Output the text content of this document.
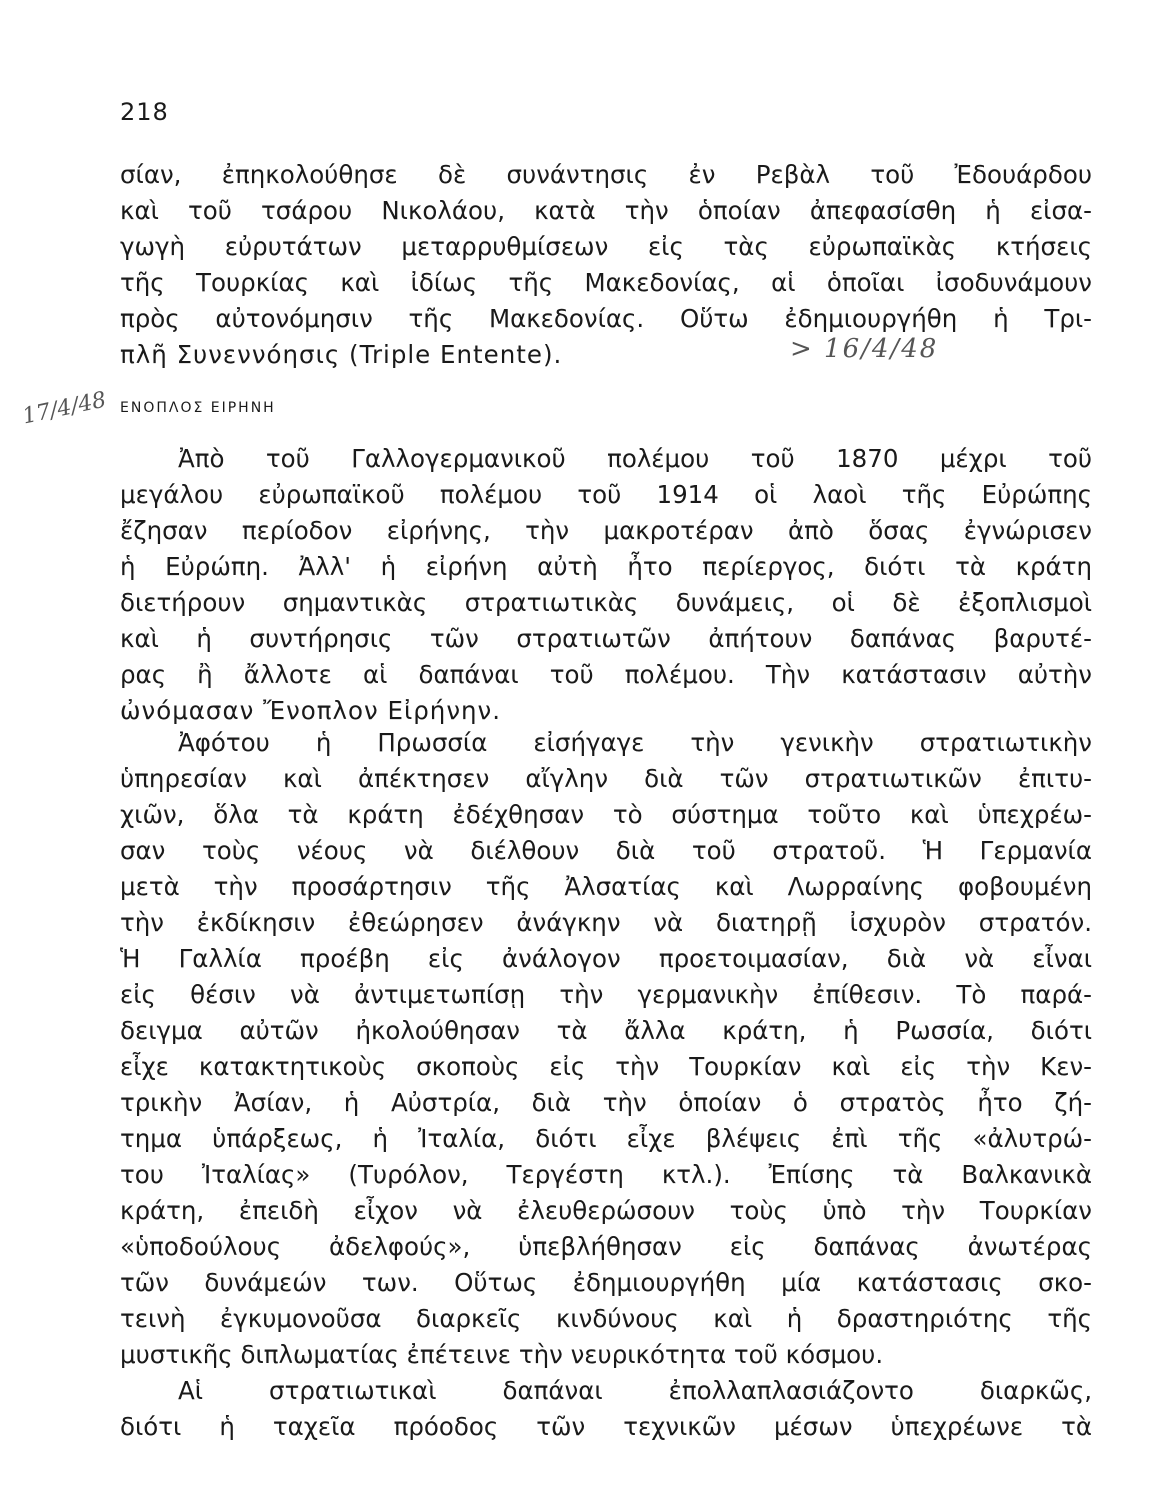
218
σίαν, ἐπηκολούθησε δὲ συνάντησις ἐν Ρεβὰλ τοῦ Ἐδουάρδου
καὶ τοῦ τσάρου Νικολάου, κατὰ τὴν ὁποίαν ἀπεφασίσθη ἡ εἰσα-
γωγὴ εὐρυτάτων μεταρρυθμίσεων εἰς τὰς εὐρωπαϊκὰς κτήσεις
τῆς Τουρκίας καὶ ἰδίως τῆς Μακεδονίας, αἱ ὁποῖαι ἰσοδυνάμουν
πρὸς αὐτονόμησιν τῆς Μακεδονίας. Οὕτω ἐδημιουργήθη ἡ Τρι-
πλῆ Συνεννόησις (Triple Entente).	> 16/4/48
17/4/48 ΕΝΟΠΛΟΣ ΕΙΡΗΝΗ
Ἀπὸ τοῦ Γαλλογερμανικοῦ πολέμου τοῦ 1870 μέχρι τοῦ
μεγάλου εὐρωπαϊκοῦ πολέμου τοῦ 1914 οἱ λαοὶ τῆς Εὐρώπης
ἔζησαν περίοδον εἰρήνης, τὴν μακροτέραν ἀπὸ ὅσας ἐγνώρισεν
ἡ Εὐρώπη. Ἀλλ' ἡ εἰρήνη αὐτὴ ἦτο περίεργος, διότι τὰ κράτη
διετήρουν σημαντικὰς στρατιωτικὰς δυνάμεις, οἱ δὲ ἐξοπλισμοὶ
καὶ ἡ συντήρησις τῶν στρατιωτῶν ἀπήτουν δαπάνας βαρυτέ-
ρας ἢ ἄλλοτε αἱ δαπάναι τοῦ πολέμου. Τὴν κατάστασιν αὐτὴν
ὠνόμασαν Ἔνοπλον Εἰρήνην.
Ἀφότου ἡ Πρωσσία εἰσήγαγε τὴν γενικὴν στρατιωτικὴν
ὑπηρεσίαν καὶ ἀπέκτησεν αἴγλην διὰ τῶν στρατιωτικῶν ἐπιτυ-
χιῶν, ὅλα τὰ κράτη ἐδέχθησαν τὸ σύστημα τοῦτο καὶ ὑπεχρέω-
σαν τοὺς νέους νὰ διέλθουν διὰ τοῦ στρατοῦ. Ἡ Γερμανία
μετὰ τὴν προσάρτησιν τῆς Ἀλσατίας καὶ Λωρραίνης φοβουμένη
τὴν ἐκδίκησιν ἐθεώρησεν ἀνάγκην νὰ διατηρῇ ἰσχυρὸν στρατόν.
Ἡ Γαλλία προέβη εἰς ἀνάλογον προετοιμασίαν, διὰ νὰ εἶναι
εἰς θέσιν νὰ ἀντιμετωπίσῃ τὴν γερμανικὴν ἐπίθεσιν. Τὸ παρά-
δειγμα αὐτῶν ἠκολούθησαν τὰ ἄλλα κράτη, ἡ Ρωσσία, διότι
εἶχε κατακτητικοὺς σκοποὺς εἰς τὴν Τουρκίαν καὶ εἰς τὴν Κεν-
τρικὴν Ἀσίαν, ἡ Αὐστρία, διὰ τὴν ὁποίαν ὁ στρατὸς ἦτο ζή-
τημα ὑπάρξεως, ἡ Ἰταλία, διότι εἶχε βλέψεις ἐπὶ τῆς «ἀλυτρώ-
του Ἰταλίας» (Τυρόλον, Τεργέστη κτλ.). Ἐπίσης τὰ Βαλκανικὰ
κράτη, ἐπειδὴ εἶχον νὰ ἐλευθερώσουν τοὺς ὑπὸ τὴν Τουρκίαν
«ὑποδούλους ἀδελφούς», ὑπεβλήθησαν εἰς δαπάνας ἀνωτέρας
τῶν δυνάμεών των. Οὕτως ἐδημιουργήθη μία κατάστασις σκο-
τεινὴ ἐγκυμονοῦσα διαρκεῖς κινδύνους καὶ ἡ δραστηριότης τῆς
μυστικῆς διπλωματίας ἐπέτεινε τὴν νευρικότητα τοῦ κόσμου.
Αἱ στρατιωτικαὶ δαπάναι ἐπολλαπλασιάζοντο διαρκῶς,
διότι ἡ ταχεῖα πρόοδος τῶν τεχνικῶν μέσων ὑπεχρέωνε τὰ
